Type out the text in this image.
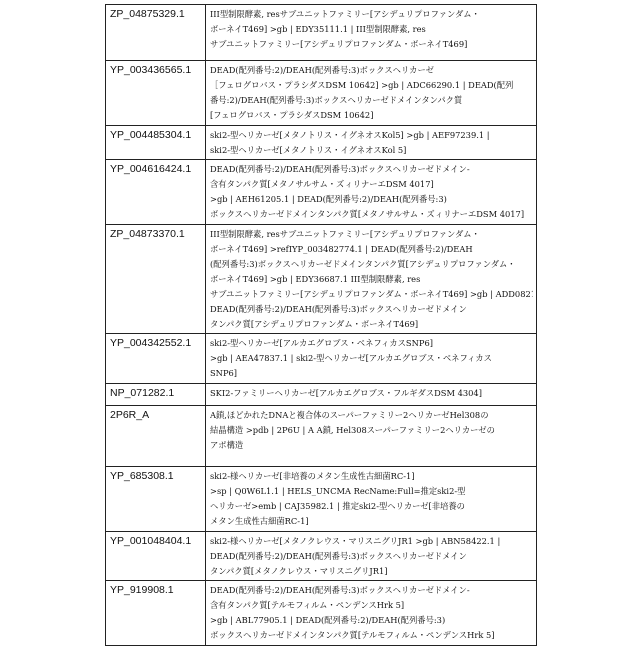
ZP_04875329.1	III型制限酵素, resサブユニットファミリー[アシデュリプロファンダム・
ボーネイT469] >gb | EDY35111.1 | III型制限酵素, res
サブユニットファミリー[アシデュリプロファンダム・ボーネイT469]

YP_003436565.1	DEAD(配列番号:2)/DEAH(配列番号:3)ボックスヘリカーゼ
［フェログロバス・プラシダスDSM 10642] >gb | ADC66290.1 | DEAD(配列
番号:2)/DEAH(配列番号:3)ボックスヘリカーゼドメインタンパク質
[フェログロバス・プラシダスDSM 10642]

YP_004485304.1	ski2-型ヘリカーゼ[メタノトリス・イグネオスKol5] >gb | AEF97239.1 |
ski2-型ヘリカーゼ[メタノトリス・イグネオスKol 5]

YP_004616424.1	DEAD(配列番号:2)/DEAH(配列番号:3)ボックスヘリカーゼドメイン-
含有タンパク質[メタノサルサム・ズィリナーエDSM 4017]
>gb | AEH61205.1 | DEAD(配列番号:2)/DEAH(配列番号:3)
ボックスヘリカーゼドメインタンパク質[メタノサルサム・ズィリナーエDSM 4017]

ZP_04873370.1	III型制限酵素, resサブユニットファミリー[アシデュリプロファンダム・
ボーネイT469] >refIYP_003482774.1 | DEAD(配列番号:2)/DEAH
(配列番号:3)ボックスヘリカーゼドメインタンパク質[アシデュリプロファンダム・
ボーネイT469] >gb | EDY36687.1 III型制限酵素, res
サブユニットファミリー[アシデュリプロファンダム・ボーネイT469] >gb | ADD08212.1 |
DEAD(配列番号:2)/DEAH(配列番号:3)ボックスヘリカーゼドメイン
タンパク質[アシデュリプロファンダム・ボーネイT469]

YP_004342552.1	ski2-型ヘリカーゼ[アルカエグロブス・ベネフィカスSNP6]
>gb | AEA47837.1 | ski2-型ヘリカーゼ[アルカエグロブス・ベネフィカス
SNP6]

NP_071282.1	SKI2-ファミリーヘリカーゼ[アルカエグロブス・フルギダスDSM 4304]

2P6R_A	A鎖,ほどかれたDNAと複合体のスーパーファミリー2ヘリカーゼHel308の
結晶構造 >pdb | 2P6U | A A鎖, Hel308スーパーファミリー2ヘリカーゼの
アポ構造

YP_685308.1	ski2-様ヘリカーゼ[非培養のメタン生成性古細菌RC-1]
>sp | Q0W6L1.1 | HELS_UNCMA RecName:Full=推定ski2-型
ヘリカーゼ>emb | CAJ35982.1 | 推定ski2-型ヘリカーゼ[非培養の
メタン生成性古細菌RC-1]

YP_001048404.1	ski2-様ヘリカーゼ[メタノクレウス・マリスニグリJR1 >gb | ABN58422.1 |
DEAD(配列番号:2)/DEAH(配列番号:3)ボックスヘリカーゼドメイン
タンパク質[メタノクレウス・マリスニグリJR1]

YP_919908.1	DEAD(配列番号:2)/DEAH(配列番号:3)ボックスヘリカーゼドメイン-
含有タンパク質[テルモフィルム・ペンデンスHrk 5]
>gb | ABL77905.1 | DEAD(配列番号:2)/DEAH(配列番号:3)
ボックスヘリカーゼドメインタンパク質[テルモフィルム・ペンデンスHrk 5]
